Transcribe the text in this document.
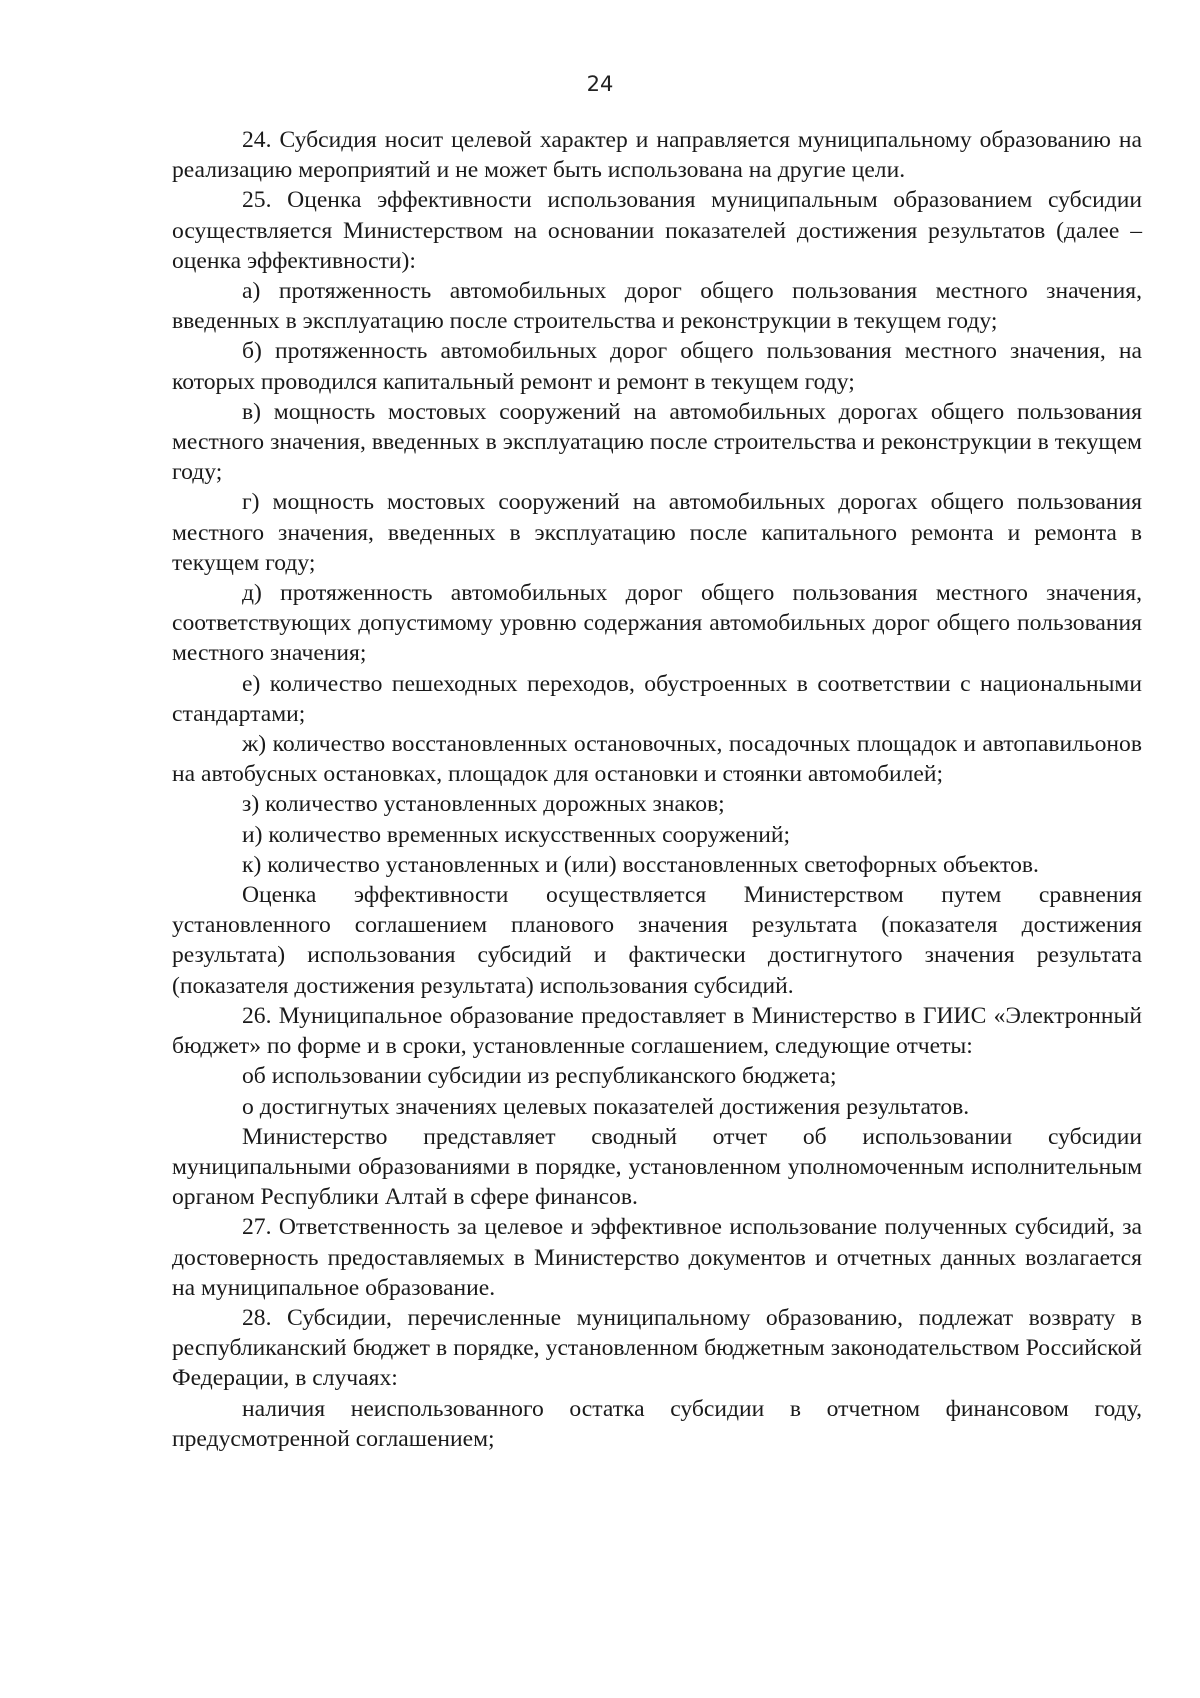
24

24. Субсидия носит целевой характер и направляется муниципальному образованию на реализацию мероприятий и не может быть использована на другие цели.

25. Оценка эффективности использования муниципальным образованием субсидии осуществляется Министерством на основании показателей достижения результатов (далее – оценка эффективности):

а) протяженность автомобильных дорог общего пользования местного значения, введенных в эксплуатацию после строительства и реконструкции в текущем году;

б) протяженность автомобильных дорог общего пользования местного значения, на которых проводился капитальный ремонт и ремонт в текущем году;

в) мощность мостовых сооружений на автомобильных дорогах общего пользования местного значения, введенных в эксплуатацию после строительства и реконструкции в текущем году;

г) мощность мостовых сооружений на автомобильных дорогах общего пользования местного значения, введенных в эксплуатацию после капитального ремонта и ремонта в текущем году;

д) протяженность автомобильных дорог общего пользования местного значения, соответствующих допустимому уровню содержания автомобильных дорог общего пользования местного значения;

е) количество пешеходных переходов, обустроенных в соответствии с национальными стандартами;

ж) количество восстановленных остановочных, посадочных площадок и автопавильонов на автобусных остановках, площадок для остановки и стоянки автомобилей;

з) количество установленных дорожных знаков;

и) количество временных искусственных сооружений;

к) количество установленных и (или) восстановленных светофорных объектов.

Оценка эффективности осуществляется Министерством путем сравнения установленного соглашением планового значения результата (показателя достижения результата) использования субсидий и фактически достигнутого значения результата (показателя достижения результата) использования субсидий.

26. Муниципальное образование предоставляет в Министерство в ГИИС «Электронный бюджет» по форме и в сроки, установленные соглашением, следующие отчеты:

об использовании субсидии из республиканского бюджета;

о достигнутых значениях целевых показателей достижения результатов.

Министерство представляет сводный отчет об использовании субсидии муниципальными образованиями в порядке, установленном уполномоченным исполнительным органом Республики Алтай в сфере финансов.

27. Ответственность за целевое и эффективное использование полученных субсидий, за достоверность предоставляемых в Министерство документов и отчетных данных возлагается на муниципальное образование.

28. Субсидии, перечисленные муниципальному образованию, подлежат возврату в республиканский бюджет в порядке, установленном бюджетным законодательством Российской Федерации, в случаях:

наличия неиспользованного остатка субсидии в отчетном финансовом году, предусмотренной соглашением;
